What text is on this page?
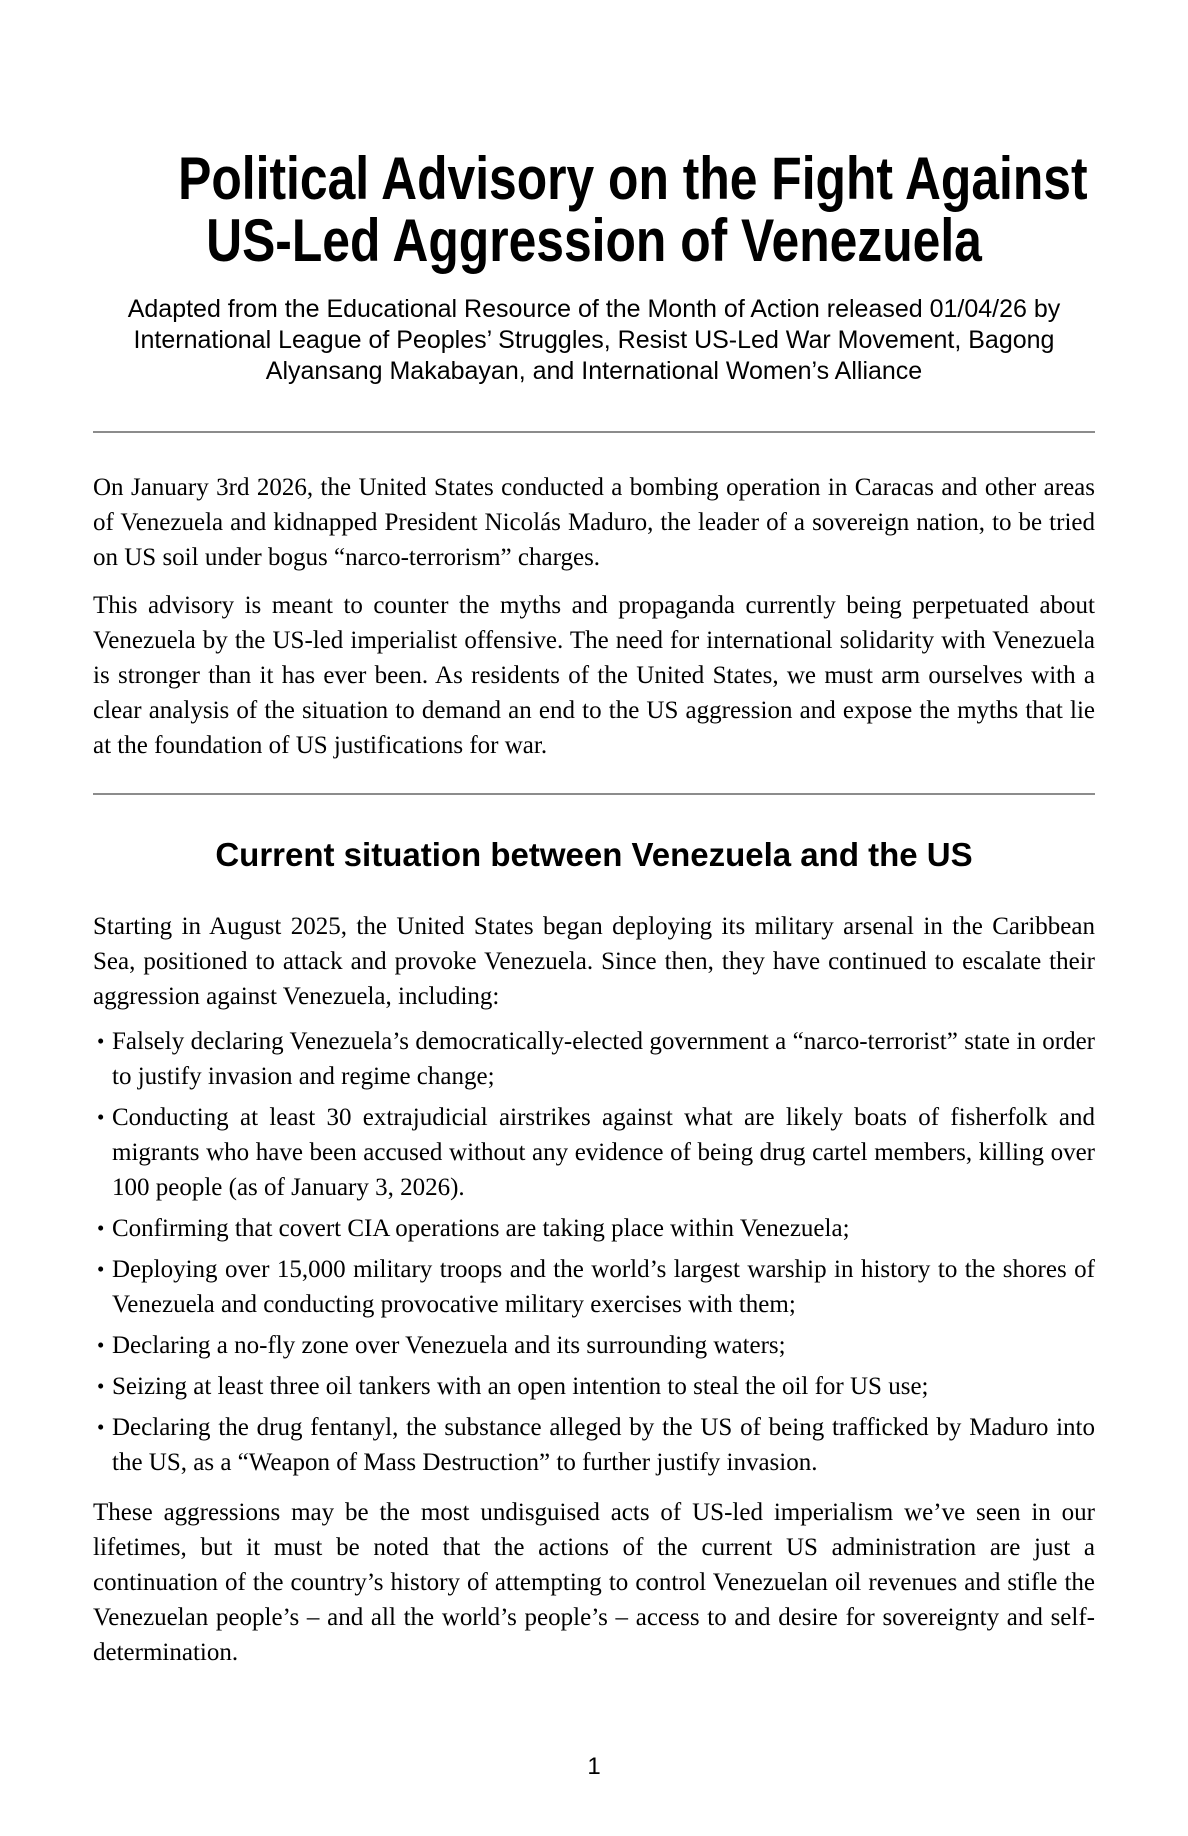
Political Advisory on the Fight Against
US-Led Aggression of Venezuela
Adapted from the Educational Resource of the Month of Action released 01/04/26 by
International League of Peoples’ Struggles, Resist US-Led War Movement, Bagong
Alyansang Makabayan, and International Women’s Alliance

On January 3rd 2026, the United States conducted a bombing operation in Caracas and other areas of Venezuela and kidnapped President Nicolás Maduro, the leader of a sovereign nation, to be tried on US soil under bogus “narco-terrorism” charges.

This advisory is meant to counter the myths and propaganda currently being perpetuated about Venezuela by the US-led imperialist offensive. The need for international solidarity with Venezuela is stronger than it has ever been. As residents of the United States, we must arm ourselves with a clear analysis of the situation to demand an end to the US aggression and expose the myths that lie at the foundation of US justifications for war.

Current situation between Venezuela and the US

Starting in August 2025, the United States began deploying its military arsenal in the Caribbean Sea, positioned to attack and provoke Venezuela. Since then, they have continued to escalate their aggression against Venezuela, including:

• Falsely declaring Venezuela’s democratically-elected government a “narco-terrorist” state in order to justify invasion and regime change;
• Conducting at least 30 extrajudicial airstrikes against what are likely boats of fisherfolk and migrants who have been accused without any evidence of being drug cartel members, killing over 100 people (as of January 3, 2026).
• Confirming that covert CIA operations are taking place within Venezuela;
• Deploying over 15,000 military troops and the world’s largest warship in history to the shores of Venezuela and conducting provocative military exercises with them;
• Declaring a no-fly zone over Venezuela and its surrounding waters;
• Seizing at least three oil tankers with an open intention to steal the oil for US use;
• Declaring the drug fentanyl, the substance alleged by the US of being trafficked by Maduro into the US, as a “Weapon of Mass Destruction” to further justify invasion.

These aggressions may be the most undisguised acts of US-led imperialism we’ve seen in our lifetimes, but it must be noted that the actions of the current US administration are just a continuation of the country’s history of attempting to control Venezuelan oil revenues and stifle the Venezuelan people’s – and all the world’s people’s – access to and desire for sovereignty and self-determination.

1
